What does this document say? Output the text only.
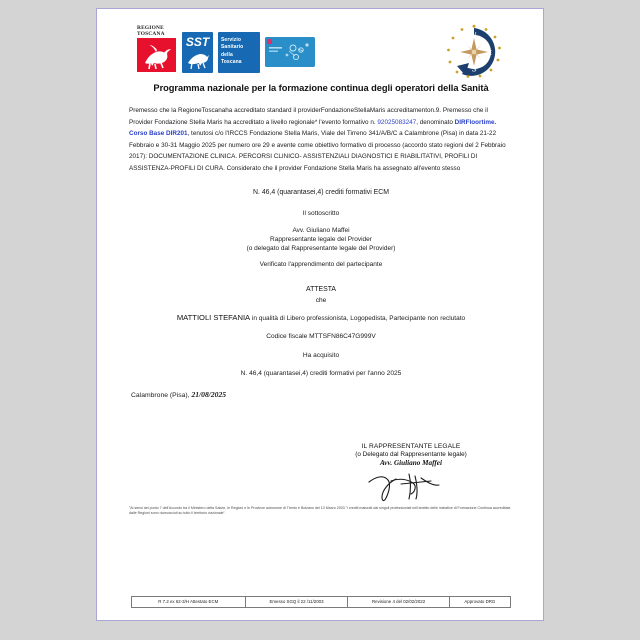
REGIONE
TOSCANA
SST	Servizio
Sanitario
della
Toscana
N
E
S
O
Programma nazionale per la formazione continua degli operatori della Sanità
Premesso che la RegioneToscanaha accreditato standard il providerFondazioneStellaMaris accreditamenton.9. Premesso che il Provider Fondazione Stella Maris ha accreditato a livello regionale* l'evento formativo n. 92025083247, denominato DIRFloortime. Corso Base DIR201, tenutosi c/o l'IRCCS Fondazione Stella Maris, Viale del Tirreno 341/A/B/C a Calambrone (Pisa) in data 21-22 Febbraio e 30-31 Maggio 2025 per numero ore 29 e avente come obiettivo formativo di processo (accordo stato regioni del 2 Febbraio 2017): DOCUMENTAZIONE CLINICA. PERCORSI CLINICO- ASSISTENZIALI DIAGNOSTICI E RIABILITATIVI, PROFILI DI ASSISTENZA-PROFILI DI CURA. Considerato che il provider Fondazione Stella Maris ha assegnato all'evento stesso
N. 46,4 (quarantasei,4) crediti formativi ECM
Il sottoscritto
Avv. Giuliano Maffei
Rappresentante legale del Provider
(o delegato dal Rappresentante legale del Provider)
Verificato l'apprendimento del partecipante
ATTESTA
che
MATTIOLI STEFANIA in qualità di Libero professionista, Logopedista, Partecipante non reclutato
Codice fiscale MTTSFN86C47G999V
Ha acquisito
N. 46,4 (quarantasei,4) crediti formativi per l'anno 2025
Calambrone (Pisa), 21/08/2025
IL RAPPRESENTANTE LEGALE
(o Delegato dal Rappresentante legale)
Avv. Giuliano Maffei
"Ai sensi del punto 7 dell'Accordo tra il Ministero della Salute, le Regioni e le Province autonome di Trento e Bolzano del 13 Marzo 2003 "i crediti maturati dai singoli professionisti nell'ambito delle iniziative di Formazione Continua accreditate dalle Regioni sono riconosciuti su tutto il territorio nazionale".
R 7.2 ex 62-3/H Attestato ECM	Emesso SGQ il 22 /11/2003	Revisione 4 del 02/02/2022	Approvato DRG
